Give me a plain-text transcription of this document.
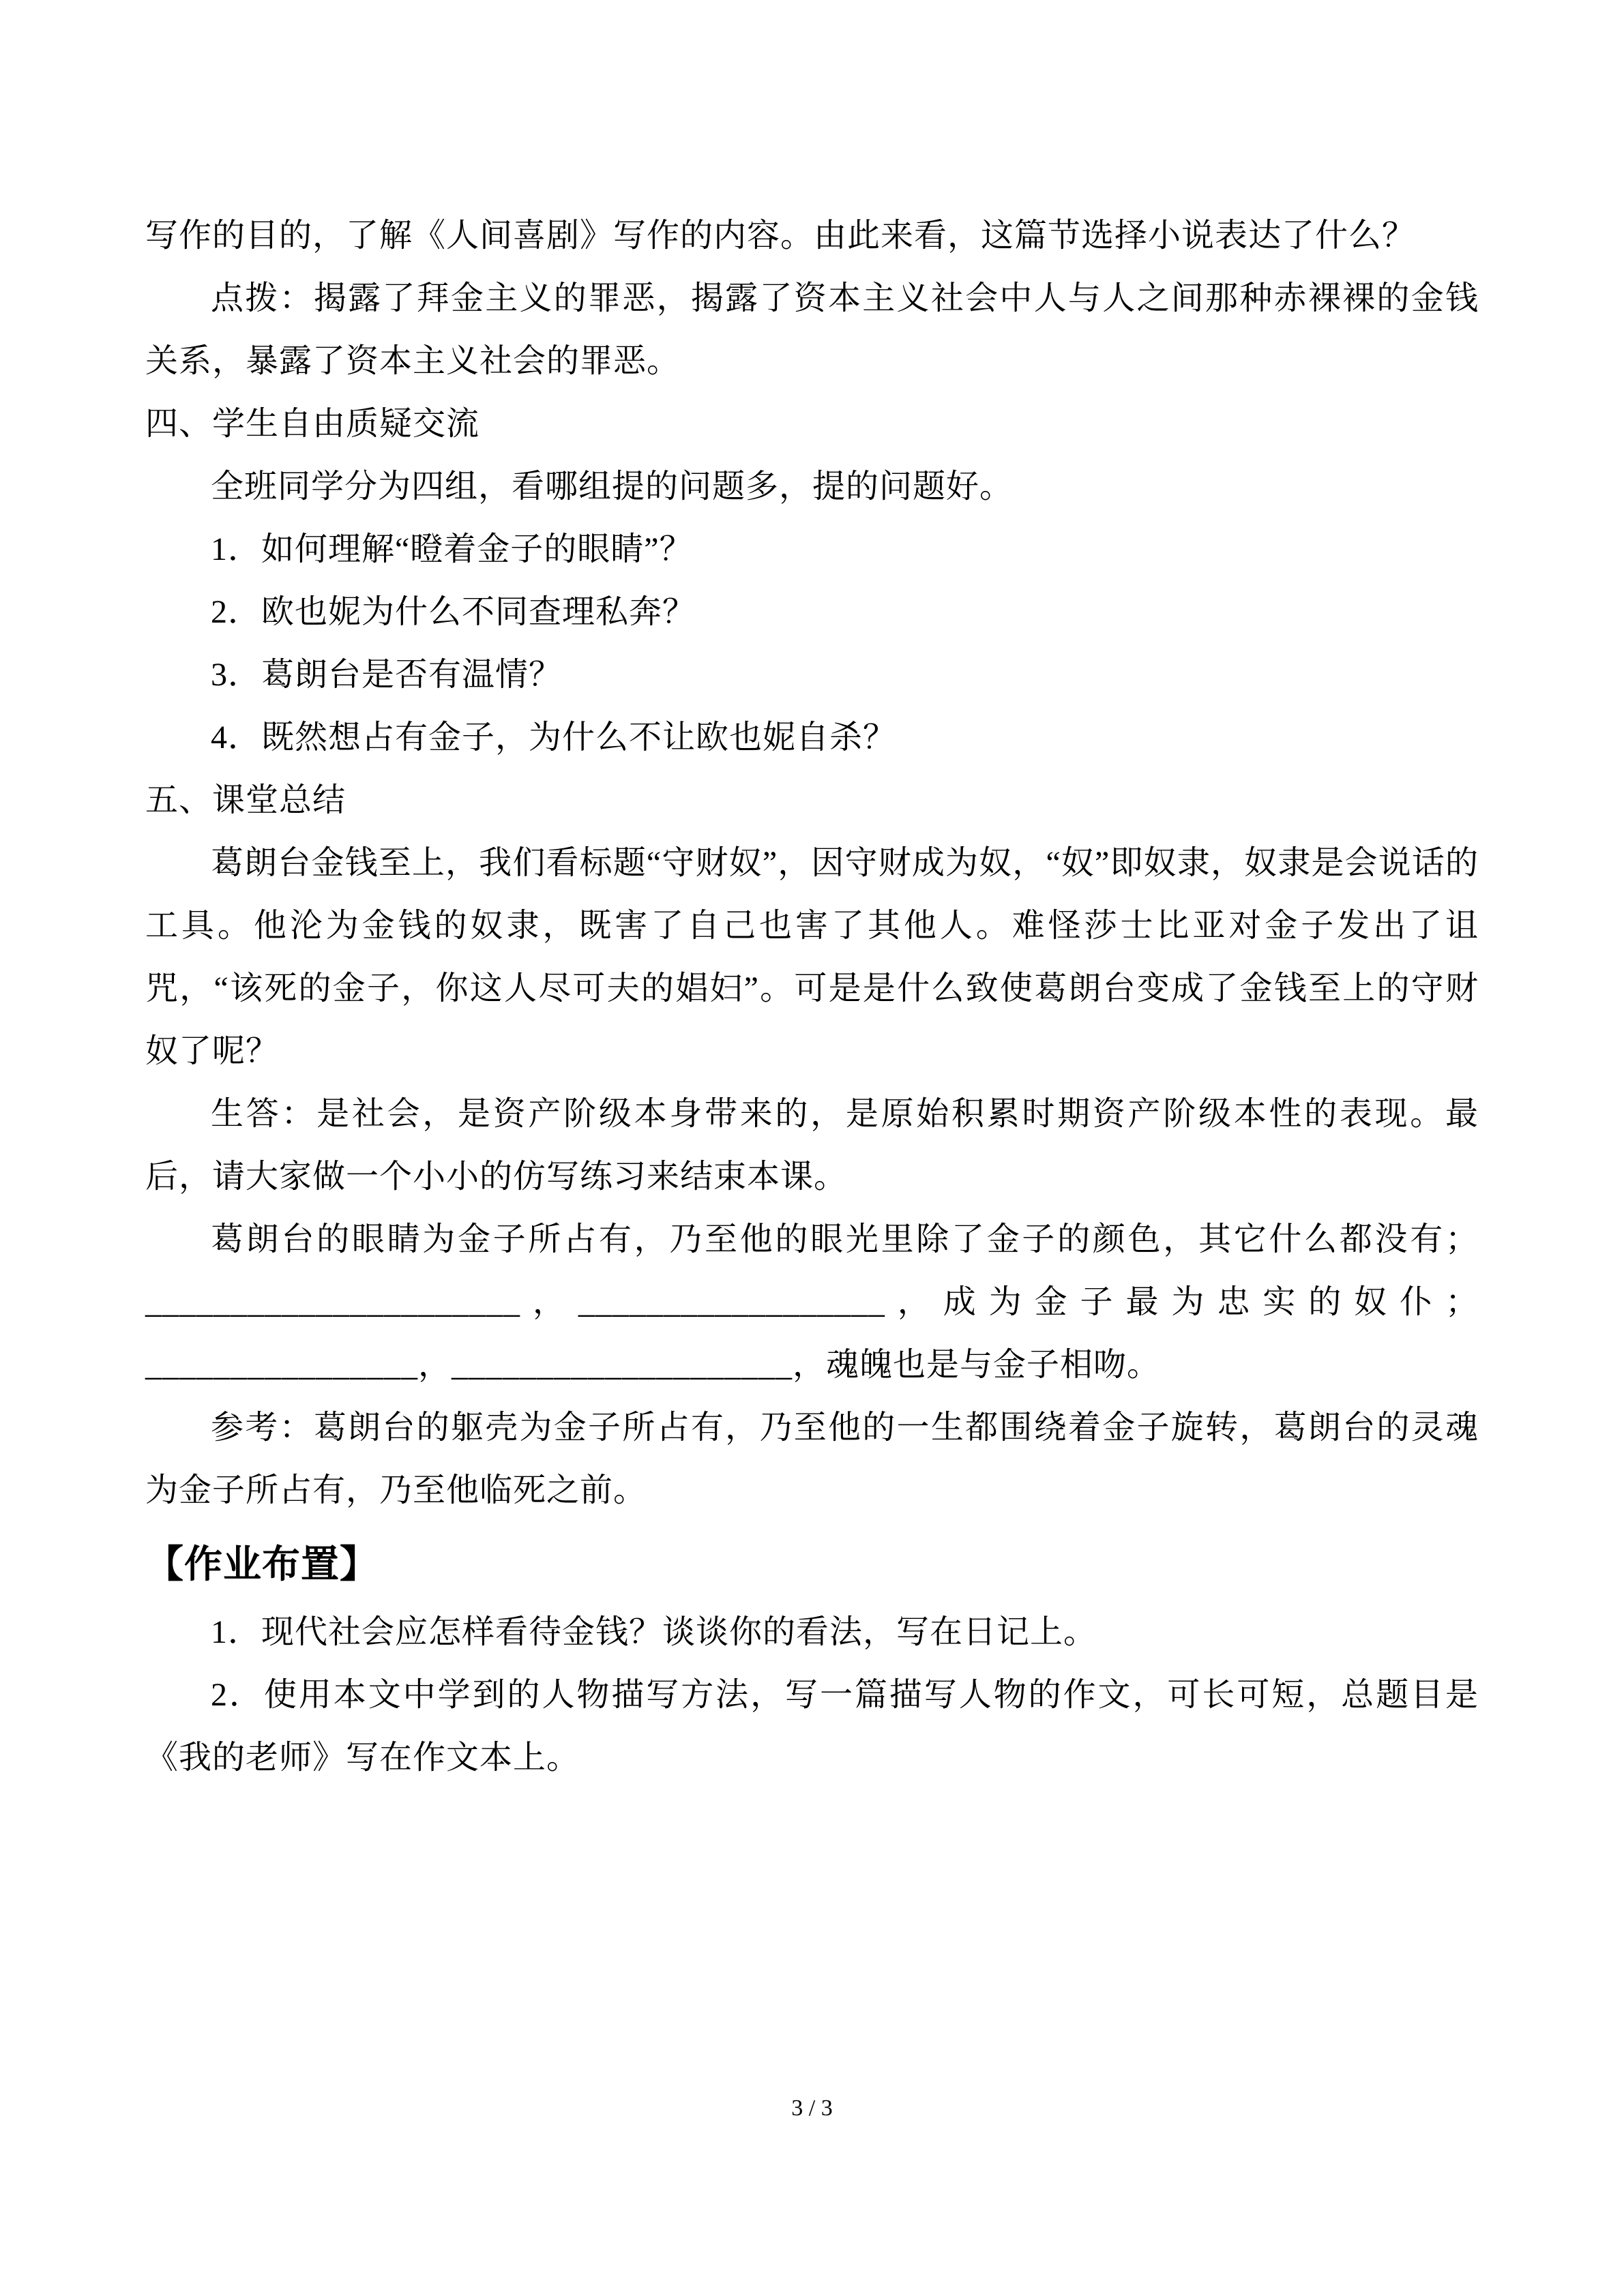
写作的目的，了解《人间喜剧》写作的内容。由此来看，这篇节选择小说表达了什么？

点拨：揭露了拜金主义的罪恶，揭露了资本主义社会中人与人之间那种赤裸裸的金钱关系，暴露了资本主义社会的罪恶。

四、学生自由质疑交流

全班同学分为四组，看哪组提的问题多，提的问题好。

1．如何理解“瞪着金子的眼睛”？

2．欧也妮为什么不同查理私奔？

3．葛朗台是否有温情？

4．既然想占有金子，为什么不让欧也妮自杀？

五、课堂总结

葛朗台金钱至上，我们看标题“守财奴”，因守财成为奴，“奴”即奴隶，奴隶是会说话的工具。他沦为金钱的奴隶，既害了自己也害了其他人。难怪莎士比亚对金子发出了诅咒，“该死的金子，你这人尽可夫的娼妇”。可是是什么致使葛朗台变成了金钱至上的守财奴了呢？

生答：是社会，是资产阶级本身带来的，是原始积累时期资产阶级本性的表现。最后，请大家做一个小小的仿写练习来结束本课。

葛朗台的眼睛为金子所占有，乃至他的眼光里除了金子的颜色，其它什么都没有；______________________，__________________，成为金子最为忠实的奴仆；________________，____________________，魂魄也是与金子相吻。

参考：葛朗台的躯壳为金子所占有，乃至他的一生都围绕着金子旋转，葛朗台的灵魂为金子所占有，乃至他临死之前。

【作业布置】

1．现代社会应怎样看待金钱？谈谈你的看法，写在日记上。

2．使用本文中学到的人物描写方法，写一篇描写人物的作文，可长可短，总题目是《我的老师》写在作文本上。

3 / 3
